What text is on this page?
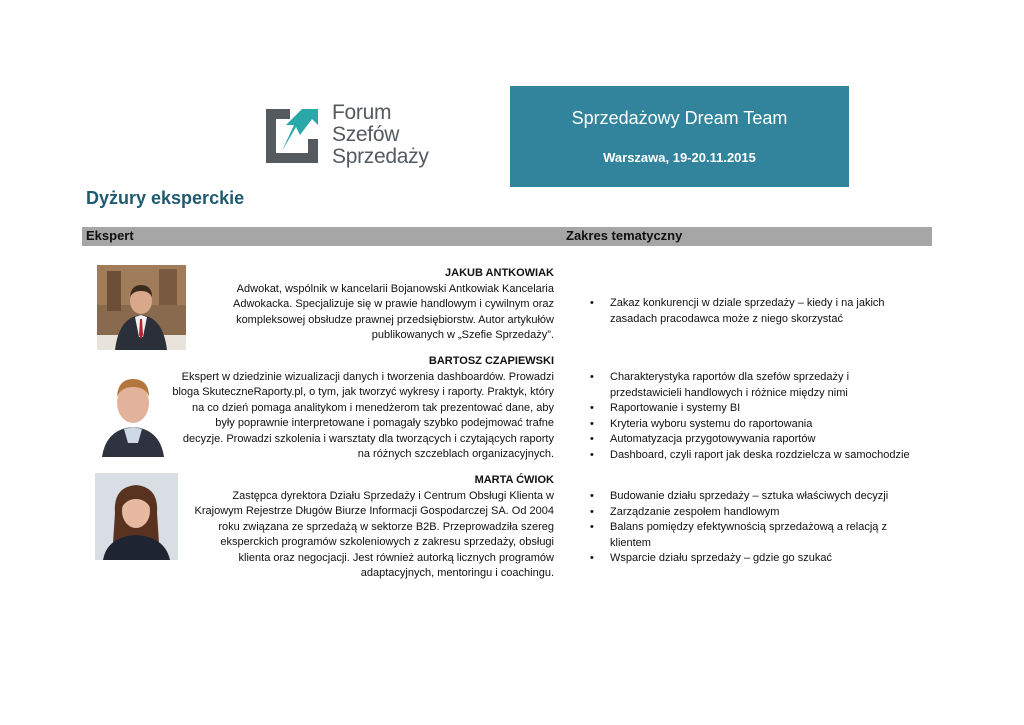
Forum
Szefów
Sprzedaży
Sprzedażowy Dream Team
Warszawa, 19-20.11.2015
Dyżury eksperckie
Ekspert	Zakres tematyczny
JAKUB ANTKOWIAK
Adwokat, wspólnik w kancelarii Bojanowski Antkowiak Kancelaria Adwokacka. Specjalizuje się w prawie handlowym i cywilnym oraz kompleksowej obsłudze prawnej przedsiębiorstw. Autor artykułów publikowanych w „Szefie Sprzedaży”.
• Zakaz konkurencji w dziale sprzedaży – kiedy i na jakich zasadach pracodawca może z niego skorzystać
BARTOSZ CZAPIEWSKI
Ekspert w dziedzinie wizualizacji danych i tworzenia dashboardów. Prowadzi bloga SkuteczneRaporty.pl, o tym, jak tworzyć wykresy i raporty. Praktyk, który na co dzień pomaga analitykom i menedżerom tak prezentować dane, aby były poprawnie interpretowane i pomagały szybko podejmować trafne decyzje. Prowadzi szkolenia i warsztaty dla tworzących i czytających raporty na różnych szczeblach organizacyjnych.
• Charakterystyka raportów dla szefów sprzedaży i przedstawicieli handlowych i różnice między nimi
• Raportowanie i systemy BI
• Kryteria wyboru systemu do raportowania
• Automatyzacja przygotowywania raportów
• Dashboard, czyli raport jak deska rozdzielcza w samochodzie
MARTA ĆWIOK
Zastępca dyrektora Działu Sprzedaży i Centrum Obsługi Klienta w Krajowym Rejestrze Długów Biurze Informacji Gospodarczej SA. Od 2004 roku związana ze sprzedażą w sektorze B2B. Przeprowadziła szereg eksperckich programów szkoleniowych z zakresu sprzedaży, obsługi klienta oraz negocjacji. Jest również autorką licznych programów adaptacyjnych, mentoringu i coachingu.
• Budowanie działu sprzedaży – sztuka właściwych decyzji
• Zarządzanie zespołem handlowym
• Balans pomiędzy efektywnością sprzedażową a relacją z klientem
• Wsparcie działu sprzedaży – gdzie go szukać
